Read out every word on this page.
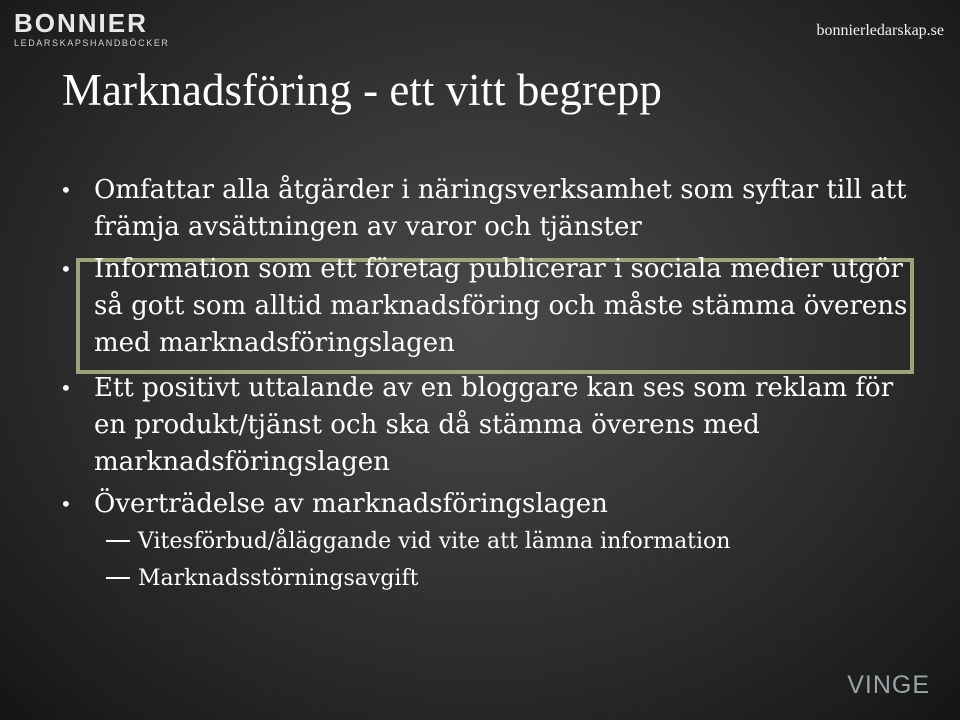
BONNIER
LEDARSKAPSHANDBÖCKER
bonnierledarskap.se
Marknadsföring - ett vitt begrepp
• Omfattar alla åtgärder i näringsverksamhet som syftar till att främja avsättningen av varor och tjänster
• Information som ett företag publicerar i sociala medier utgör så gott som alltid marknadsföring och måste stämma överens med marknadsföringslagen
• Ett positivt uttalande av en bloggare kan ses som reklam för en produkt/tjänst och ska då stämma överens med marknadsföringslagen
• Överträdelse av marknadsföringslagen
Vitesförbud/åläggande vid vite att lämna information
Marknadsstörningsavgift
VINGE
